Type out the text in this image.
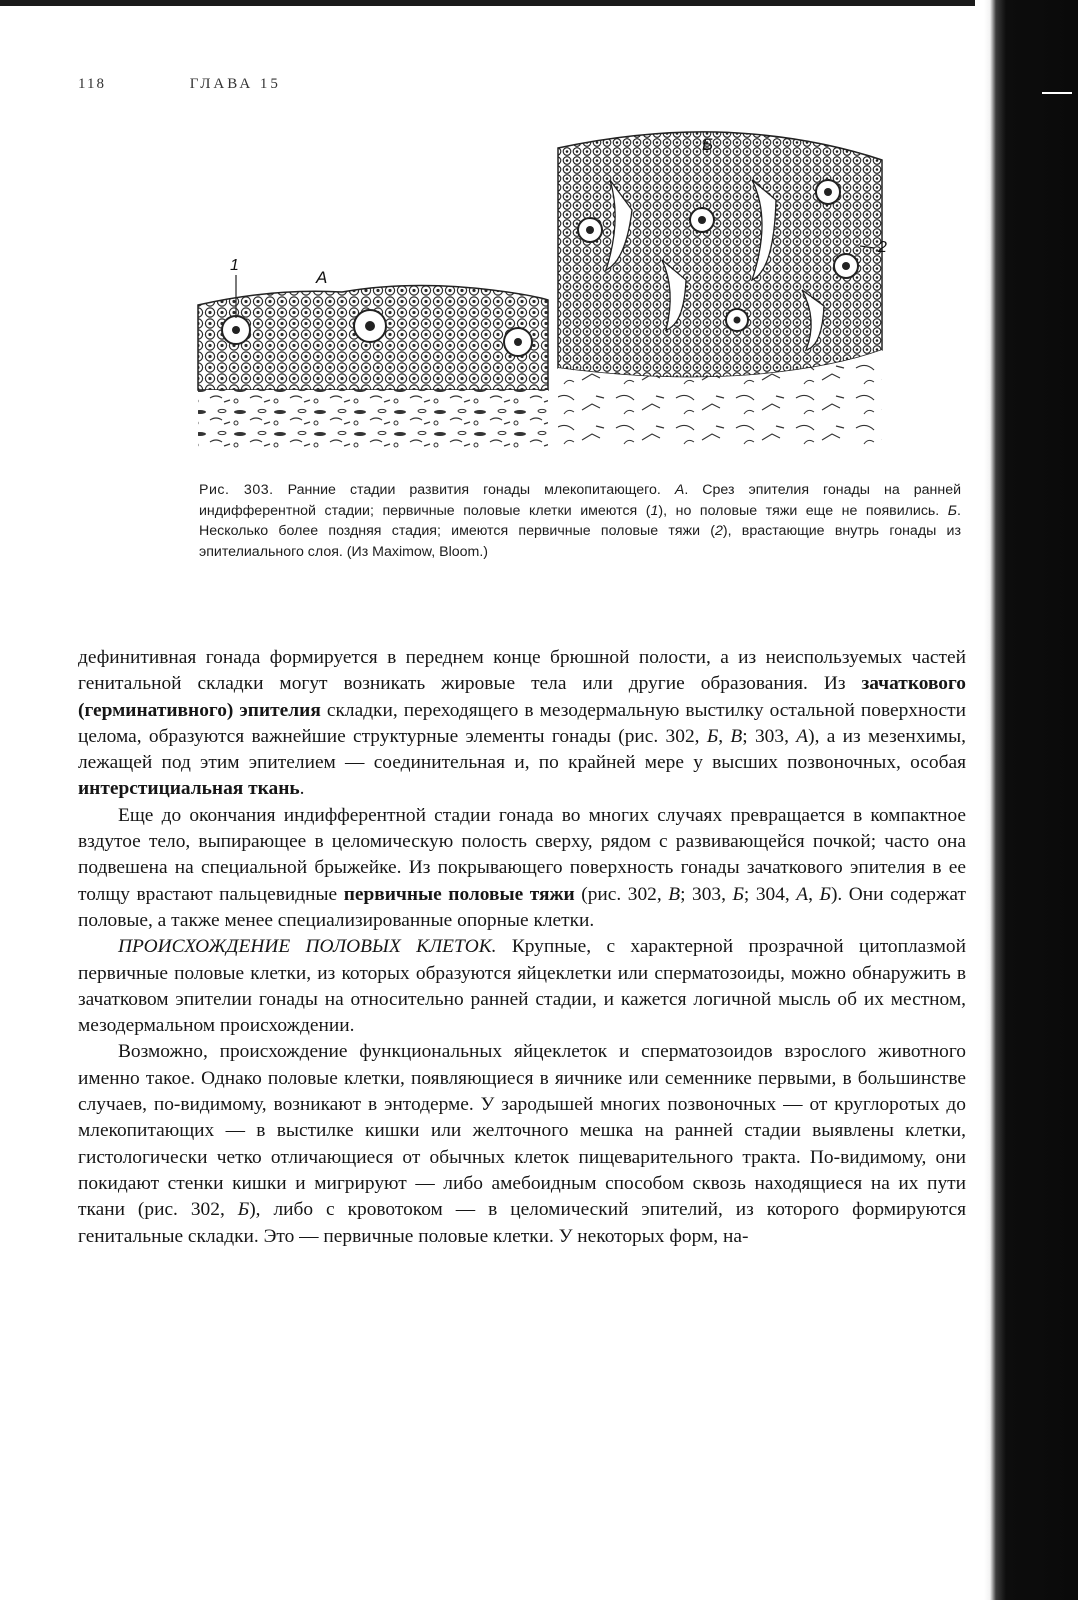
118	ГЛАВА 15
1
А
Б
2
Рис. 303. Ранние стадии развития гонады млекопитающего. А. Срез эпителия гонады на ранней индифферентной стадии; первичные половые клетки имеются (1), но половые тяжи еще не появились. Б. Несколько более поздняя стадия; имеются первичные половые тяжи (2), врастающие внутрь гонады из эпителиального слоя. (Из Maximow, Bloom.)

дефинитивная гонада формируется в переднем конце брюшной полости, а из неиспользуемых частей генитальной складки могут возникать жировые тела или другие образования. Из зачаткового (герминативного) эпителия складки, переходящего в мезодермальную выстилку остальной поверхности целома, образуются важнейшие структурные элементы гонады (рис. 302, Б, В; 303, А), а из мезенхимы, лежащей под этим эпителием — соединительная и, по крайней мере у высших позвоночных, особая интерстициальная ткань.

Еще до окончания индифферентной стадии гонада во многих случаях превращается в компактное вздутое тело, выпирающее в целомическую полость сверху, рядом с развивающейся почкой; часто она подвешена на специальной брыжейке. Из покрывающего поверхность гонады зачаткового эпителия в ее толщу врастают пальцевидные первичные половые тяжи (рис. 302, В; 303, Б; 304, А, Б). Они содержат половые, а также менее специализированные опорные клетки.

ПРОИСХОЖДЕНИЕ ПОЛОВЫХ КЛЕТОК. Крупные, с характерной прозрачной цитоплазмой первичные половые клетки, из которых образуются яйцеклетки или сперматозоиды, можно обнаружить в зачатковом эпителии гонады на относительно ранней стадии, и кажется логичной мысль об их местном, мезодермальном происхождении.

Возможно, происхождение функциональных яйцеклеток и сперматозоидов взрослого животного именно такое. Однако половые клетки, появляющиеся в яичнике или семеннике первыми, в большинстве случаев, по-видимому, возникают в энтодерме. У зародышей многих позвоночных — от круглоротых до млекопитающих — в выстилке кишки или желточного мешка на ранней стадии выявлены клетки, гистологически четко отличающиеся от обычных клеток пищеварительного тракта. По-видимому, они покидают стенки кишки и мигрируют — либо амебоидным способом сквозь находящиеся на их пути ткани (рис. 302, Б), либо с кровотоком — в целомический эпителий, из которого формируются генитальные складки. Это — первичные половые клетки. У некоторых форм, на-
